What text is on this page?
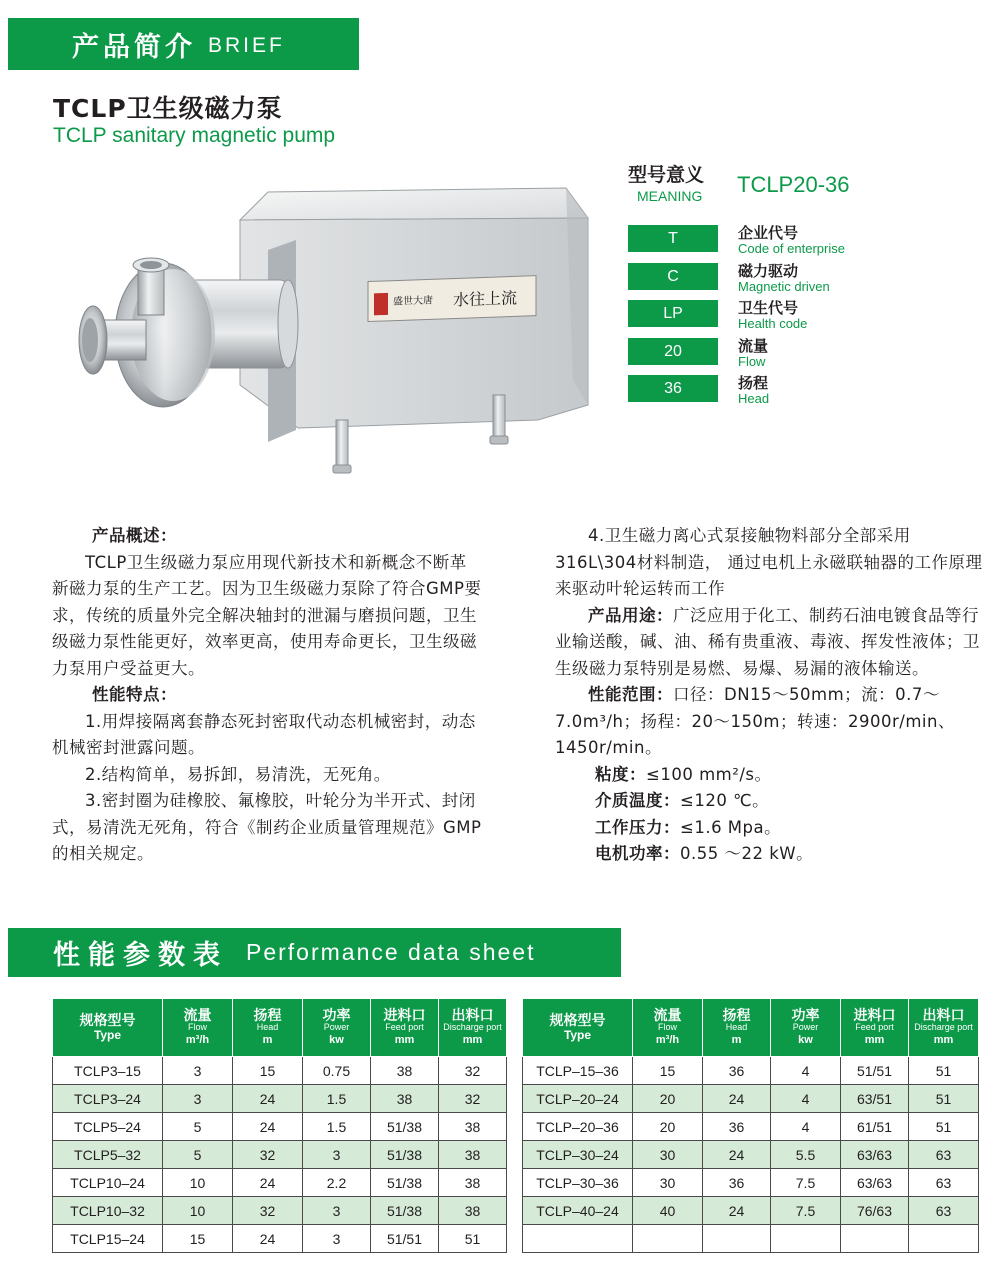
产品简介 BRIEF
TCLP卫生级磁力泵
TCLP sanitary magnetic pump
型号意义
MEANING TCLP20-36
T	企业代号
Code of enterprise
C	磁力驱动
Magnetic driven
LP	卫生代号
Health code
20	流量
Flow
36	扬程
Head
盛世大唐 水往上流

产品概述：

TCLP卫生级磁力泵应用现代新技术和新概念不断革新磁力泵的生产工艺。因为卫生级磁力泵除了符合GMP要求，传统的质量外完全解决轴封的泄漏与磨损问题，卫生级磁力泵性能更好，效率更高，使用寿命更长，卫生级磁力泵用户受益更大。

性能特点：

1.用焊接隔离套静态死封密取代动态机械密封，动态机械密封泄露问题。

2.结构简单，易拆卸，易清洗，无死角。

3.密封圈为硅橡胶、氟橡胶，叶轮分为半开式、封闭式，易清洗无死角，符合《制药企业质量管理规范》GMP的相关规定。

4.卫生磁力离心式泵接触物料部分全部采用316L\304材料制造， 通过电机上永磁联轴器的工作原理来驱动叶轮运转而工作

产品用途：广泛应用于化工、制药石油电镀食品等行业输送酸，碱、油、稀有贵重液、毒液、挥发性液体；卫生级磁力泵特别是易燃、易爆、易漏的液体输送。

性能范围：口径：DN15～50mm；流：0.7～7.0m³/h；扬程：20～150m；转速：2900r/min、1450r/min。

粘度：≤100 mm²/s。

介质温度：≤120 ℃。

工作压力：≤1.6 Mpa。

电机功率：0.55 ～22 kW。

性能参数表 Performance data sheet
规格型号
Type	流量
Flow
m³/h	扬程
Head
m	功率
Power
kw	进料口
Feed port
mm	出料口
Discharge port
mm

TCLP3–15	3	15	0.75	38	32
TCLP3–24	3	24	1.5	38	32
TCLP5–24	5	24	1.5	51/38	38
TCLP5–32	5	32	3	51/38	38
TCLP10–24	10	24	2.2	51/38	38
TCLP10–32	10	32	3	51/38	38
TCLP15–24	15	24	3	51/51	51
规格型号
Type	流量
Flow
m³/h	扬程
Head
m	功率
Power
kw	进料口
Feed port
mm	出料口
Discharge port
mm

TCLP–15–36	15	36	4	51/51	51
TCLP–20–24	20	24	4	63/51	51
TCLP–20–36	20	36	4	61/51	51
TCLP–30–24	30	24	5.5	63/63	63
TCLP–30–36	30	36	7.5	63/63	63
TCLP–40–24	40	24	7.5	76/63	63
